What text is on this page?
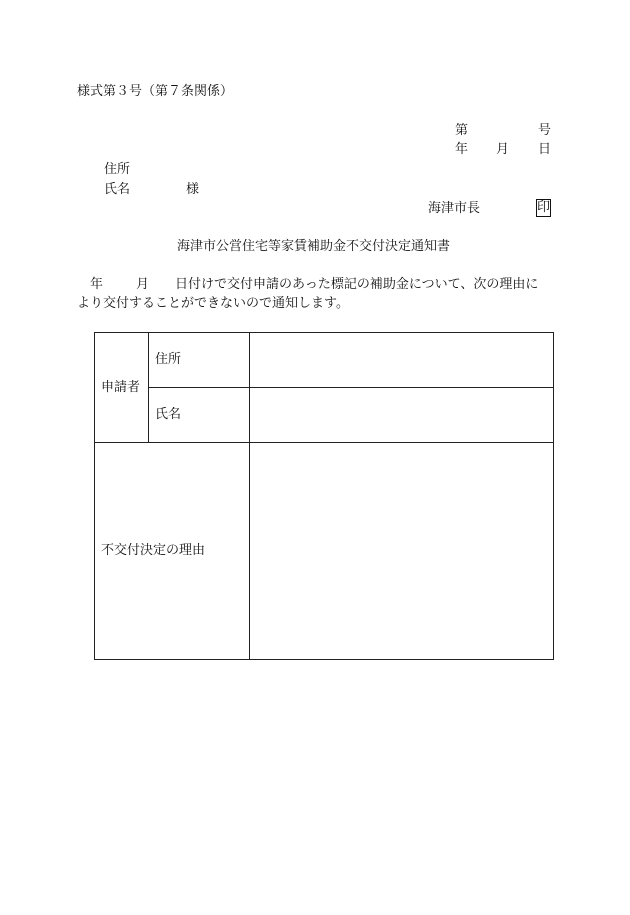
様式第３号（第７条関係）
第	号
年 月 日
住所
氏名	様
海津市長	印
海津市公営住宅等家賃補助金不交付決定通知書
年	月 日付けで交付申請のあった標記の補助金について、次の理由に
より交付することができないので通知します。
申請者	住所	
	氏名	
不交付決定の理由		
